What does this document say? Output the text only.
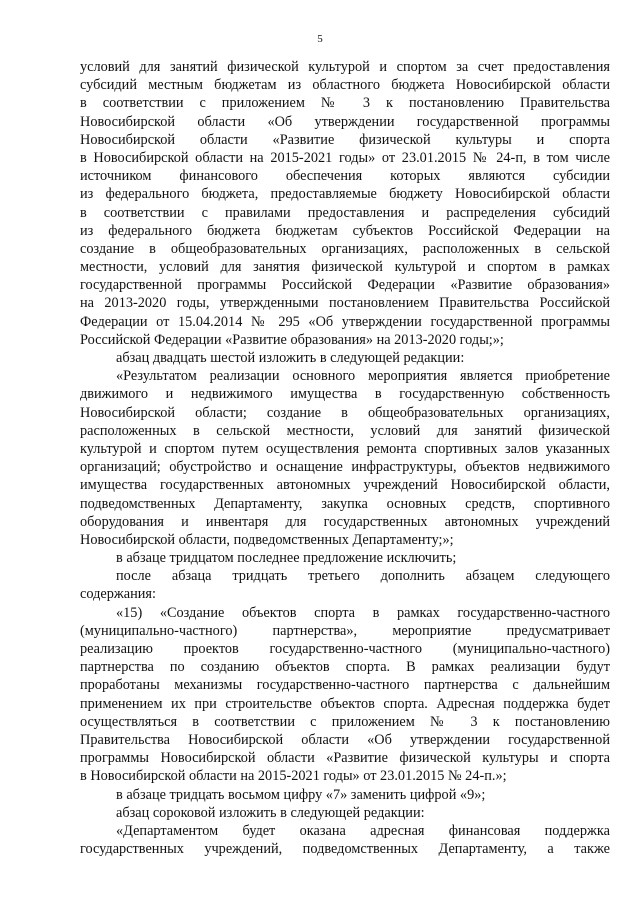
5
условий для занятий физической культурой и спортом за счет предоставления
субсидий местным бюджетам из областного бюджета Новосибирской области
в соответствии с приложением № 3 к постановлению Правительства
Новосибирской области «Об утверждении государственной программы
Новосибирской области «Развитие физической культуры и спорта
в Новосибирской области на 2015-2021 годы» от 23.01.2015 № 24-п, в том числе
источником финансового обеспечения которых являются субсидии
из федерального бюджета, предоставляемые бюджету Новосибирской области
в соответствии с правилами предоставления и распределения субсидий
из федерального бюджета бюджетам субъектов Российской Федерации на
создание в общеобразовательных организациях, расположенных в сельской
местности, условий для занятия физической культурой и спортом в рамках
государственной программы Российской Федерации «Развитие образования»
на 2013-2020 годы, утвержденными постановлением Правительства Российской
Федерации от 15.04.2014 № 295 «Об утверждении государственной программы
Российской Федерации «Развитие образования» на 2013-2020 годы;»;
абзац двадцать шестой изложить в следующей редакции:
«Результатом реализации основного мероприятия является приобретение
движимого и недвижимого имущества в государственную собственность
Новосибирской области; создание в общеобразовательных организациях,
расположенных в сельской местности, условий для занятий физической
культурой и спортом путем осуществления ремонта спортивных залов указанных
организаций; обустройство и оснащение инфраструктуры, объектов недвижимого
имущества государственных автономных учреждений Новосибирской области,
подведомственных Департаменту, закупка основных средств, спортивного
оборудования и инвентаря для государственных автономных учреждений
Новосибирской области, подведомственных Департаменту;»;
в абзаце тридцатом последнее предложение исключить;
после абзаца тридцать третьего дополнить абзацем следующего
содержания:
«15) «Создание объектов спорта в рамках государственно-частного
(муниципально-частного) партнерства», мероприятие предусматривает
реализацию проектов государственно-частного (муниципально-частного)
партнерства по созданию объектов спорта. В рамках реализации будут
проработаны механизмы государственно-частного партнерства с дальнейшим
применением их при строительстве объектов спорта. Адресная поддержка будет
осуществляться в соответствии с приложением № 3 к постановлению
Правительства Новосибирской области «Об утверждении государственной
программы Новосибирской области «Развитие физической культуры и спорта
в Новосибирской области на 2015-2021 годы» от 23.01.2015 № 24-п.»;
в абзаце тридцать восьмом цифру «7» заменить цифрой «9»;
абзац сороковой изложить в следующей редакции:
«Департаментом будет оказана адресная финансовая поддержка
государственных учреждений, подведомственных Департаменту, а также
